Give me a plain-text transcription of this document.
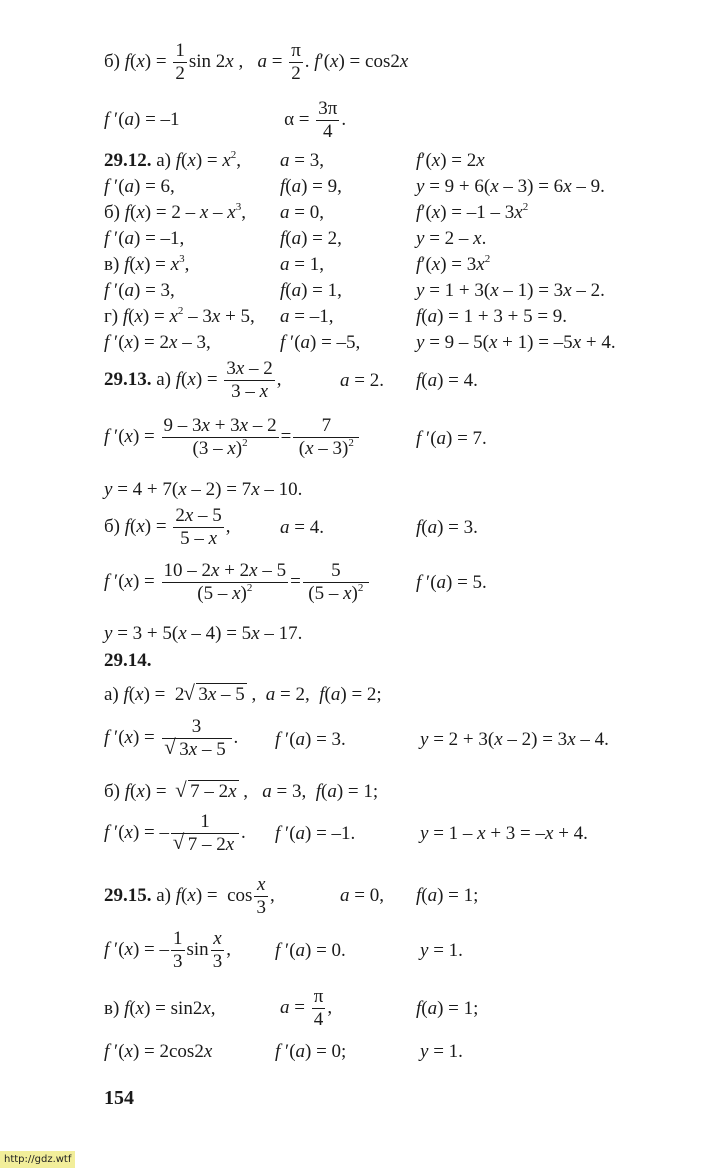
б) $f(x) = \frac{1}{2}$ sin 2x ,   $a = \frac{\pi}{2}$ . f′(x) = cos2x
f ′(a) = –1	$\alpha = \frac{3\pi}{4}$ .
29.12. а) $f(x) = x^2$, a = 3,	f′(x) = 2x
f ′(a) = 6,	f(a) = 9,	y = 9 + 6(x – 3) = 6x – 9.
б) $f(x) = 2 - x - x^3$, a = 0,	$f'(x) = -1 - 3x^2$
f ′(a) = –1,	f(a) = 2,	y = 2 – x.
в) $f(x) = x^3$,	a = 1,	$f'(x) = 3x^2$
f ′(a) = 3,	f(a) = 1,	y = 1 + 3(x – 1) = 3x – 2.
г) $f(x) = x^2 - 3x + 5$, a = –1,	f(a) = 1 + 3 + 5 = 9.
f ′(x) = 2x – 3,	f ′(a) = –5,	y = 9 – 5(x + 1) = –5x + 4.
29.13. а) $f(x) = \frac{3x - 2}{3 - x}$ ,	a = 2. f(a) = 4.
f $'(x) = \frac{9 - 3x + 3x - 2}{(3 - x)^2} = \frac{7}{(x - 3)^2}$	f ′(a) = 7.
y = 4 + 7(x – 2) = 7x – 10.
б) $f(x) = \frac{2x - 5}{5 - x}$ ,	a = 4.	f(a) = 3.
f $'(x) = \frac{10 - 2x + 2x - 5}{(5 - x)^2} = \frac{5}{(5 - x)^2}$ f ′(a) = 5.
y = 3 + 5(x – 4) = 5x – 17.
29.14.
а) f(x) =  2√ 3x – 5 ,  a = 2,  f(a) = 2;
f ′(x) = 3
√ 3x – 5 . f ′(a) = 3.	y = 2 + 3(x – 2) = 3x – 4.
б) f(x) =  √ 7 – 2x ,   a = 3,  f(a) = 1;
f ′(x) = – 1
√ 7 – 2x . f ′(a) = –1.	y = 1 – x + 3 = –x + 4.
29.15. а) $f(x) = \cos \frac{x}{3}$ ,	a = 0, f(a) = 1;
f ′(x) = – $\frac{1}{3}$ $\sin \frac{x}{3}$ , f ′(a) = 0.	y = 1.
в) f(x) = sin2x,	$a = \frac{\pi}{4}$ ,	f(a) = 1;
f ′(x) = 2cos2x	f ′(a) = 0;	y = 1.
154
http://gdz.wtf
